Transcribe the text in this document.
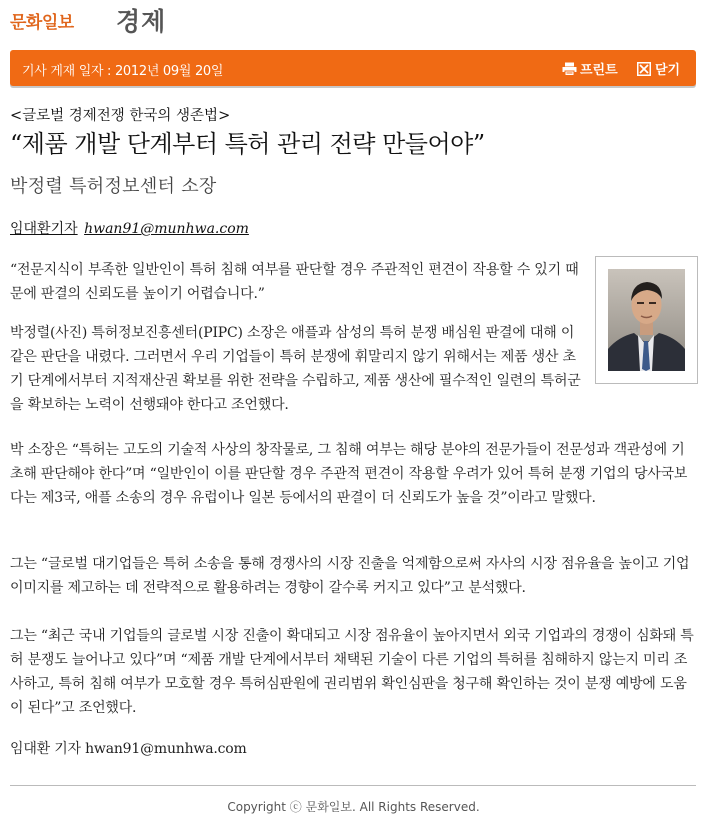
문화일보 경제
기사 게재 일자 : 2012년 09월 20일	프린트	닫기
<글로벌 경제전쟁 한국의 생존법>
“제품 개발 단계부터 특허 관리 전략 만들어야”
박정렬 특허정보센터 소장
임대환기자 hwan91@munhwa.com

“전문지식이 부족한 일반인이 특허 침해 여부를 판단할 경우 주관적인 편견이 작용할 수 있기 때문에 판결의 신뢰도를 높이기 어렵습니다.”

박정렬(사진) 특허정보진흥센터(PIPC) 소장은 애플과 삼성의 특허 분쟁 배심원 판결에 대해 이 같은 판단을 내렸다. 그러면서 우리 기업들이 특허 분쟁에 휘말리지 않기 위해서는 제품 생산 초기 단계에서부터 지적재산권 확보를 위한 전략을 수립하고, 제품 생산에 필수적인 일련의 특허군을 확보하는 노력이 선행돼야 한다고 조언했다.

박 소장은 “특허는 고도의 기술적 사상의 창작물로, 그 침해 여부는 해당 분야의 전문가들이 전문성과 객관성에 기초해 판단해야 한다”며 “일반인이 이를 판단할 경우 주관적 편견이 작용할 우려가 있어 특허 분쟁 기업의 당사국보다는 제3국, 애플 소송의 경우 유럽이나 일본 등에서의 판결이 더 신뢰도가 높을 것”이라고 말했다.

그는 “글로벌 대기업들은 특허 소송을 통해 경쟁사의 시장 진출을 억제함으로써 자사의 시장 점유율을 높이고 기업 이미지를 제고하는 데 전략적으로 활용하려는 경향이 갈수록 커지고 있다”고 분석했다.

그는 “최근 국내 기업들의 글로벌 시장 진출이 확대되고 시장 점유율이 높아지면서 외국 기업과의 경쟁이 심화돼 특허 분쟁도 늘어나고 있다”며 “제품 개발 단계에서부터 채택된 기술이 다른 기업의 특허를 침해하지 않는지 미리 조사하고, 특허 침해 여부가 모호할 경우 특허심판원에 권리범위 확인심판을 청구해 확인하는 것이 분쟁 예방에 도움이 된다”고 조언했다.

임대환 기자 hwan91@munhwa.com

Copyright ⓒ 문화일보. All Rights Reserved.
